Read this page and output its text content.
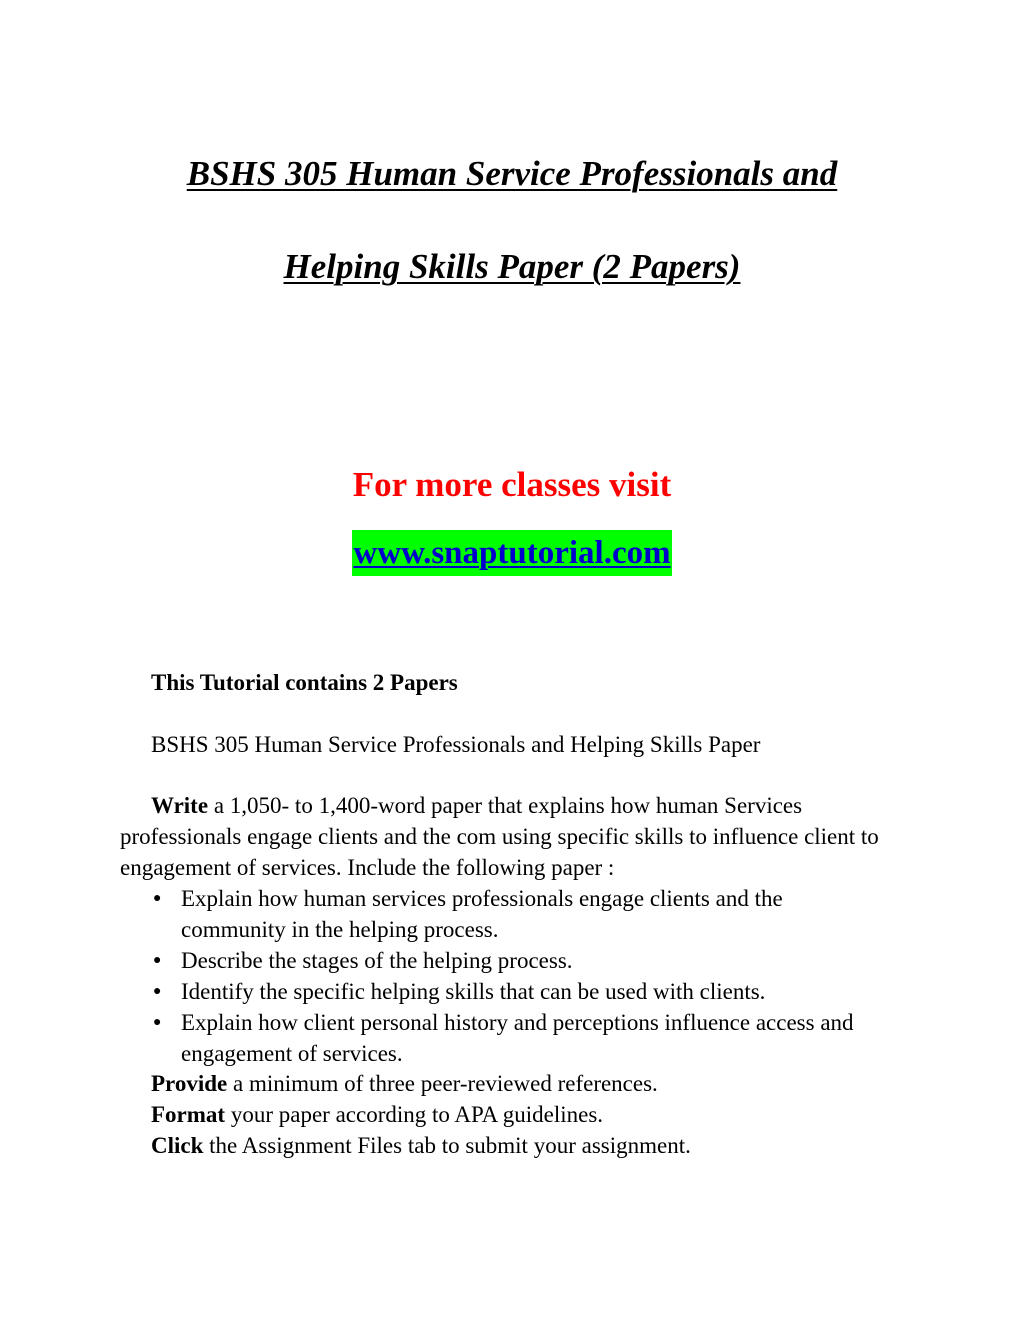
BSHS 305 Human Service Professionals and
Helping Skills Paper (2 Papers)
For more classes visit
www.snaptutorial.com

This Tutorial contains 2 Papers

BSHS 305 Human Service Professionals and Helping Skills Paper

Write a 1,050- to 1,400-word paper that explains how human Services professionals engage clients and the com using specific skills to influence client to engagement of services. Include the following paper :

● Explain how human services professionals engage clients and the community in the helping process.
● Describe the stages of the helping process.
● Identify the specific helping skills that can be used with clients.
● Explain how client personal history and perceptions influence access and engagement of services.
Provide a minimum of three peer-reviewed references.
Format your paper according to APA guidelines.
Click the Assignment Files tab to submit your assignment.
